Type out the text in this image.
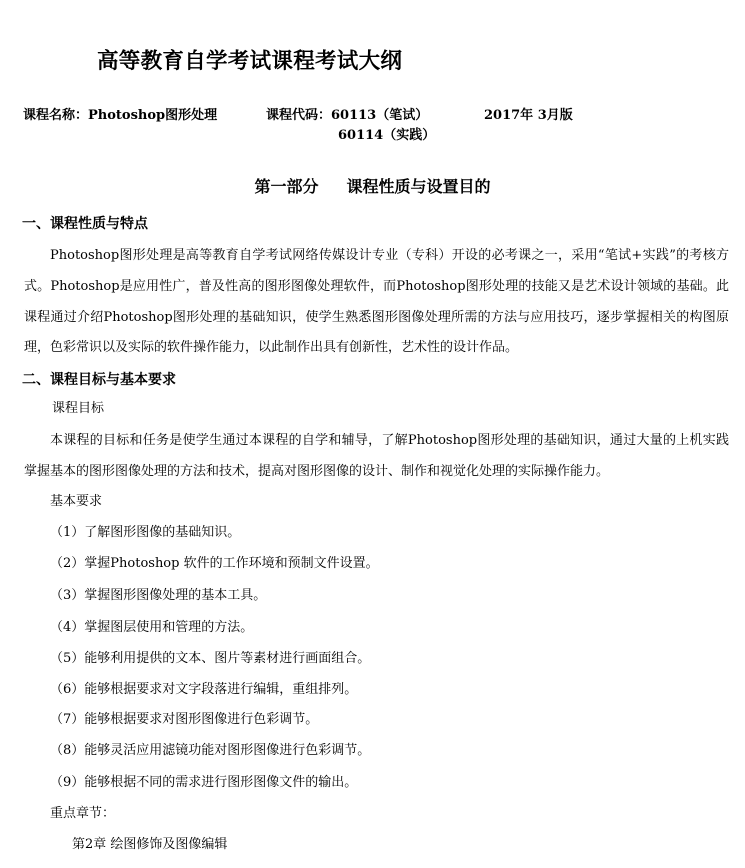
高等教育自学考试课程考试大纲
课程名称：Photoshop图形处理	课程代码：60113（笔试）
60114（实践）
2017年 3月版
第一部分 课程性质与设置目的
一、课程性质与特点
Photoshop图形处理是高等教育自学考试网络传媒设计专业（专科）开设的必考课之一，采用“笔试+实践”的考核方式。Photoshop是应用性广，普及性高的图形图像处理软件，而Photoshop图形处理的技能又是艺术设计领域的基础。此课程通过介绍Photoshop图形处理的基础知识，使学生熟悉图形图像处理所需的方法与应用技巧，逐步掌握相关的构图原理，色彩常识以及实际的软件操作能力，以此制作出具有创新性，艺术性的设计作品。
二、课程目标与基本要求
课程目标
本课程的目标和任务是使学生通过本课程的自学和辅导，了解Photoshop图形处理的基础知识，通过大量的上机实践掌握基本的图形图像处理的方法和技术，提高对图形图像的设计、制作和视觉化处理的实际操作能力。
基本要求
（1）了解图形图像的基础知识。
（2）掌握Photoshop 软件的工作环境和预制文件设置。
（3）掌握图形图像处理的基本工具。
（4）掌握图层使用和管理的方法。
（5）能够利用提供的文本、图片等素材进行画面组合。
（6）能够根据要求对文字段落进行编辑，重组排列。
（7）能够根据要求对图形图像进行色彩调节。
（8）能够灵活应用滤镜功能对图形图像进行色彩调节。
（9）能够根据不同的需求进行图形图像文件的输出。
重点章节：
第2章 绘图修饰及图像编辑
